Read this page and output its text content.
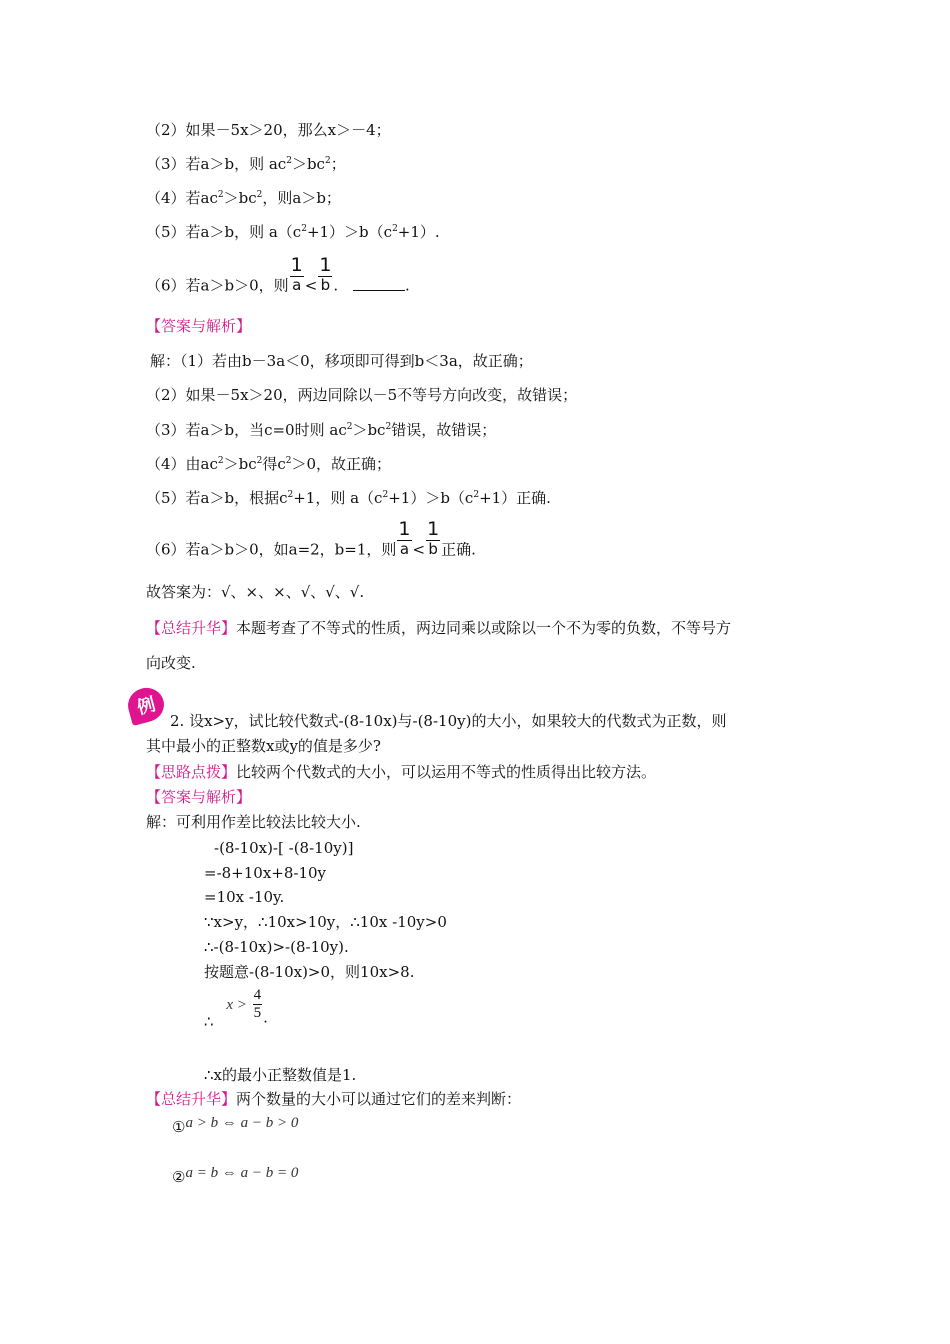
（2）如果－5x＞20，那么x＞－4；
（3）若a＞b，则 $ac^2>bc^2$；
（4）若$ac^2>bc^2$，则a＞b；
（5）若a＞b，则 $a(c^2+1)>b(c^2+1)$.
（6）若a＞b＞0，则 $\frac{1}{a} < \frac{1}{b}$ .	.
【答案与解析】
解：（1）若由b－3a＜0，移项即可得到b＜3a，故正确；
（2）如果－5x＞20，两边同除以－5不等号方向改变，故错误；
（3）若a＞b，当c=0时则 $ac^2>bc^2$错误，故错误；
（4）由$ac^2>bc^2$得$c^2>0$，故正确；
（5）若a＞b，根据$c^2+1$，则 $a(c^2+1)>b(c^2+1)$正确.
（6）若a＞b＞0，如a=2，b=1，则 $\frac{1}{a} < \frac{1}{b}$ 正确.
故答案为：√、×、×、√、√、√.
【总结升华】本题考查了不等式的性质，两边同乘以或除以一个不为零的负数，不等号方
向改变.
例
2. 设x>y，试比较代数式-(8-10x)与-(8-10y)的大小，如果较大的代数式为正数，则
其中最小的正整数x或y的值是多少?
【思路点拨】比较两个代数式的大小，可以运用不等式的性质得出比较方法。
【答案与解析】
解：可利用作差比较法比较大小.
-(8-10x)-[ -(8-10y)]
=-8+10x+8-10y
=10x -10y.
∵x>y，∴10x>10y，∴10x -10y>0
∴-(8-10x)>-(8-10y).
按题意-(8-10x)>0，则10x>8.
∴ $x > \frac{4}{5}$ .
∴x的最小正整数值是1.
【总结升华】两个数量的大小可以通过它们的差来判断：
①a > b ⇔ a − b > 0
②a = b ⇔ a − b = 0
